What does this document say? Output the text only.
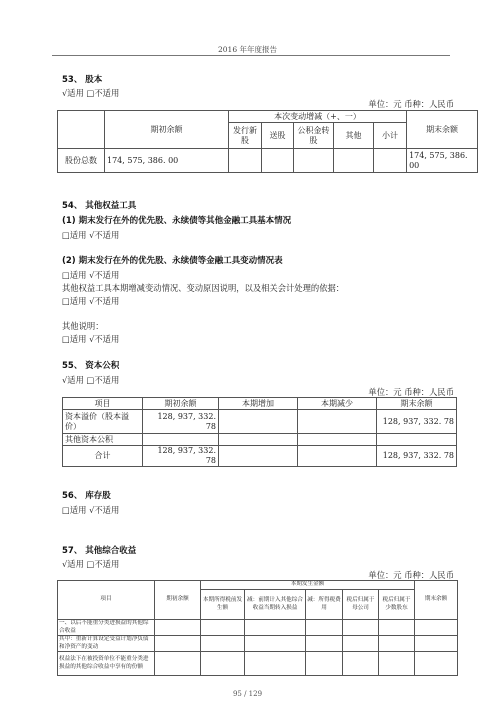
2016 年年度报告
53、 股本
√适用 □不适用
单位：元 币种：人民币
	期初余额	本次变动增减（+、一）					期末余额
		发行新股	送股	公积金转股	其他	小计	
股份总数	174, 575, 386. 00						174, 575, 386. 00
54、 其他权益工具
(1) 期末发行在外的优先股、永续债等其他金融工具基本情况
□适用 √不适用
(2) 期末发行在外的优先股、永续债等金融工具变动情况表
□适用 √不适用
其他权益工具本期增减变动情况、变动原因说明，以及相关会计处理的依据：
□适用 √不适用
其他说明：
□适用 √不适用
55、 资本公积
√适用 □不适用
单位：元 币种：人民币
项目	期初余额	本期增加	本期减少	期末余额
资本溢价（股本溢价）	128, 937, 332. 78			128, 937, 332. 78
其他资本公积				
合计	128, 937, 332. 78			128, 937, 332. 78
56、 库存股
□适用 √不适用
57、 其他综合收益
√适用 □不适用
单位：元 币种：人民币
项目	期初余额	本期发生金额					期末余额
		本期所得税前发生额	减：前期计入其他综合收益当期转入损益	减：所得税费用	税后归属于母公司	税后归属于少数股东	
一、以后不能重分类进损益的其他综合收益							
其中：重新计算设定受益计划净负债和净资产的变动							
权益法下在被投资单位不能重分类进损益的其他综合收益中享有的份额							
95 / 129
